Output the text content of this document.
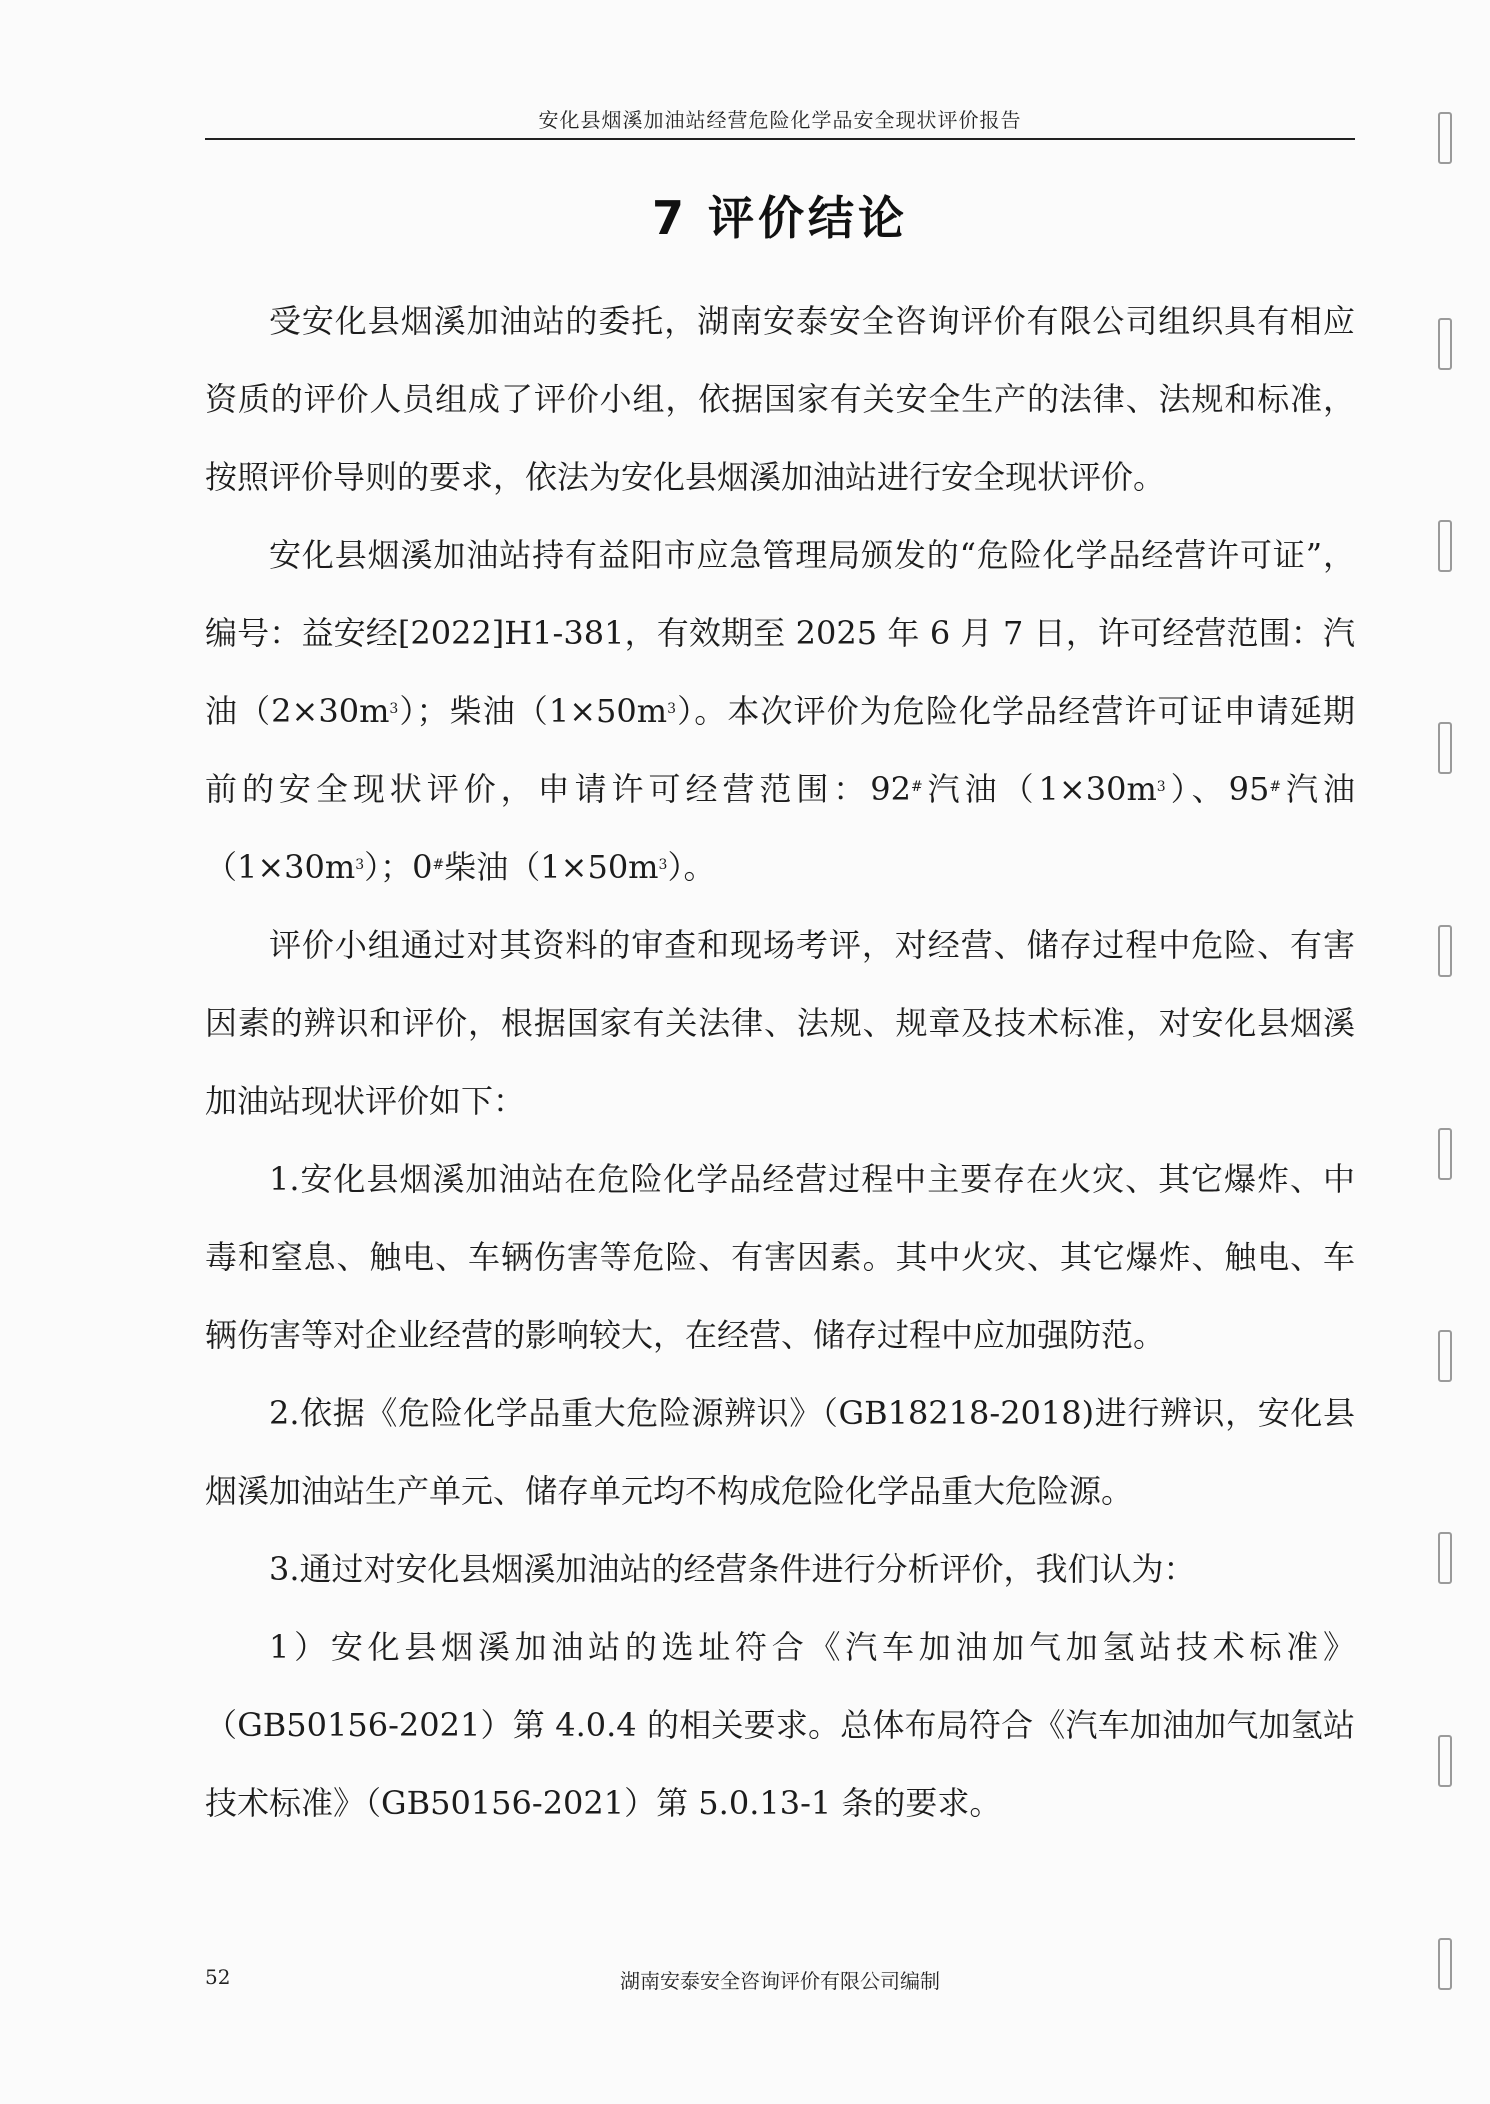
安化县烟溪加油站经营危险化学品安全现状评价报告
7 评价结论

受安化县烟溪加油站的委托，湖南安泰安全咨询评价有限公司组织具有相应资质的评价人员组成了评价小组，依据国家有关安全生产的法律、法规和标准，按照评价导则的要求，依法为安化县烟溪加油站进行安全现状评价。

安化县烟溪加油站持有益阳市应急管理局颁发的“危险化学品经营许可证”，编号：益安经[2022]H1-381，有效期至 2025 年 6 月 7 日，许可经营范围：汽油$(2\times 30m^3)$；柴油$(1\times 50m^3)$。本次评价为危险化学品经营许可证申请延期前的安全现状评价，申请许可经营范围：92#汽油$(1\times 30m^3)$、95#汽油$(1\times 30m^3)$；0#柴油$(1\times 50m^3)$。

评价小组通过对其资料的审查和现场考评，对经营、储存过程中危险、有害因素的辨识和评价，根据国家有关法律、法规、规章及技术标准，对安化县烟溪加油站现状评价如下：

1.安化县烟溪加油站在危险化学品经营过程中主要存在火灾、其它爆炸、中毒和窒息、触电、车辆伤害等危险、有害因素。其中火灾、其它爆炸、触电、车辆伤害等对企业经营的影响较大，在经营、储存过程中应加强防范。

2.依据《危险化学品重大危险源辨识》（GB18218-2018)进行辨识，安化县烟溪加油站生产单元、储存单元均不构成危险化学品重大危险源。

3.通过对安化县烟溪加油站的经营条件进行分析评价，我们认为：

1）安化县烟溪加油站的选址符合《汽车加油加气加氢站技术标准》（GB50156-2021）第 4.0.4 的相关要求。总体布局符合《汽车加油加气加氢站技术标准》（GB50156-2021）第 5.0.13-1 条的要求。

52	湖南安泰安全咨询评价有限公司编制
